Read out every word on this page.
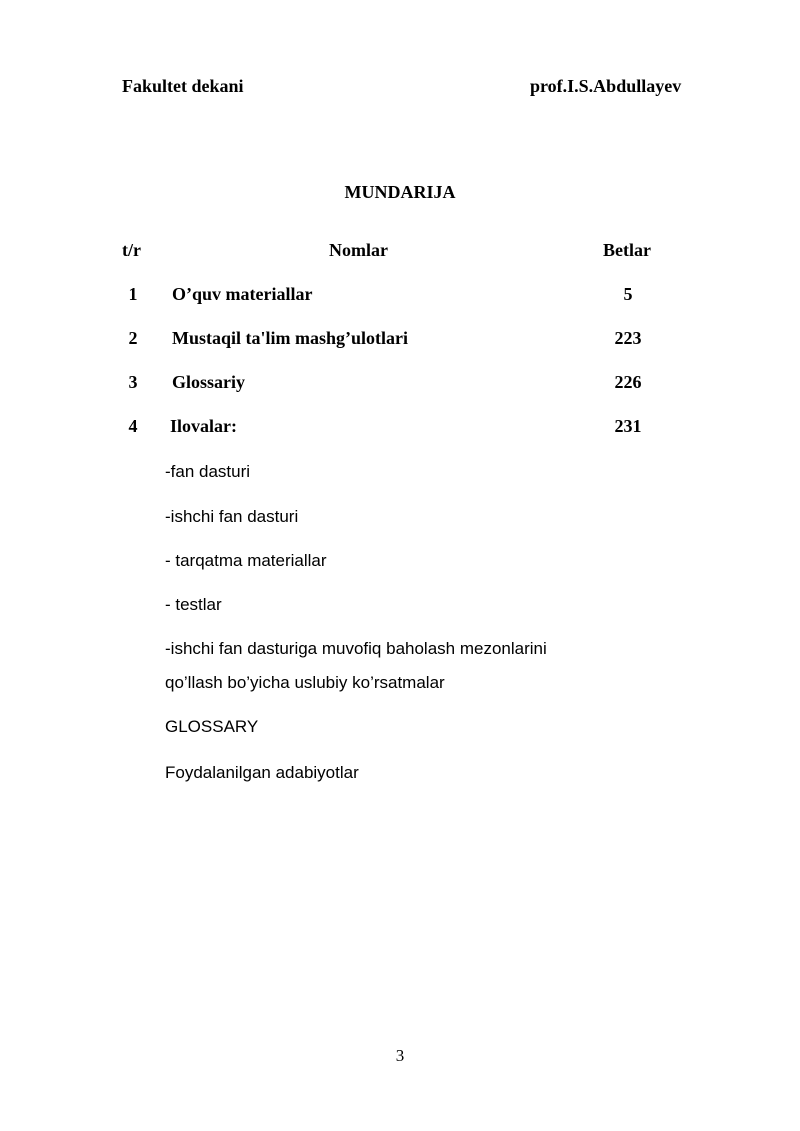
Fakultet dekani	prof.I.S.Abdullayev
MUNDARIJA
t/r	Nomlar	Betlar
1	O’quv materiallar	5
2	Mustaqil ta'lim mashg’ulotlari	223
3	Glossariy	226
4	Ilovalar:	231
-fan dasturi
-ishchi fan dasturi
- tarqatma materiallar
- testlar
-ishchi fan dasturiga muvofiq baholash mezonlarini
qo’llash bo’yicha uslubiy ko’rsatmalar
GLOSSARY
Foydalanilgan adabiyotlar
3
